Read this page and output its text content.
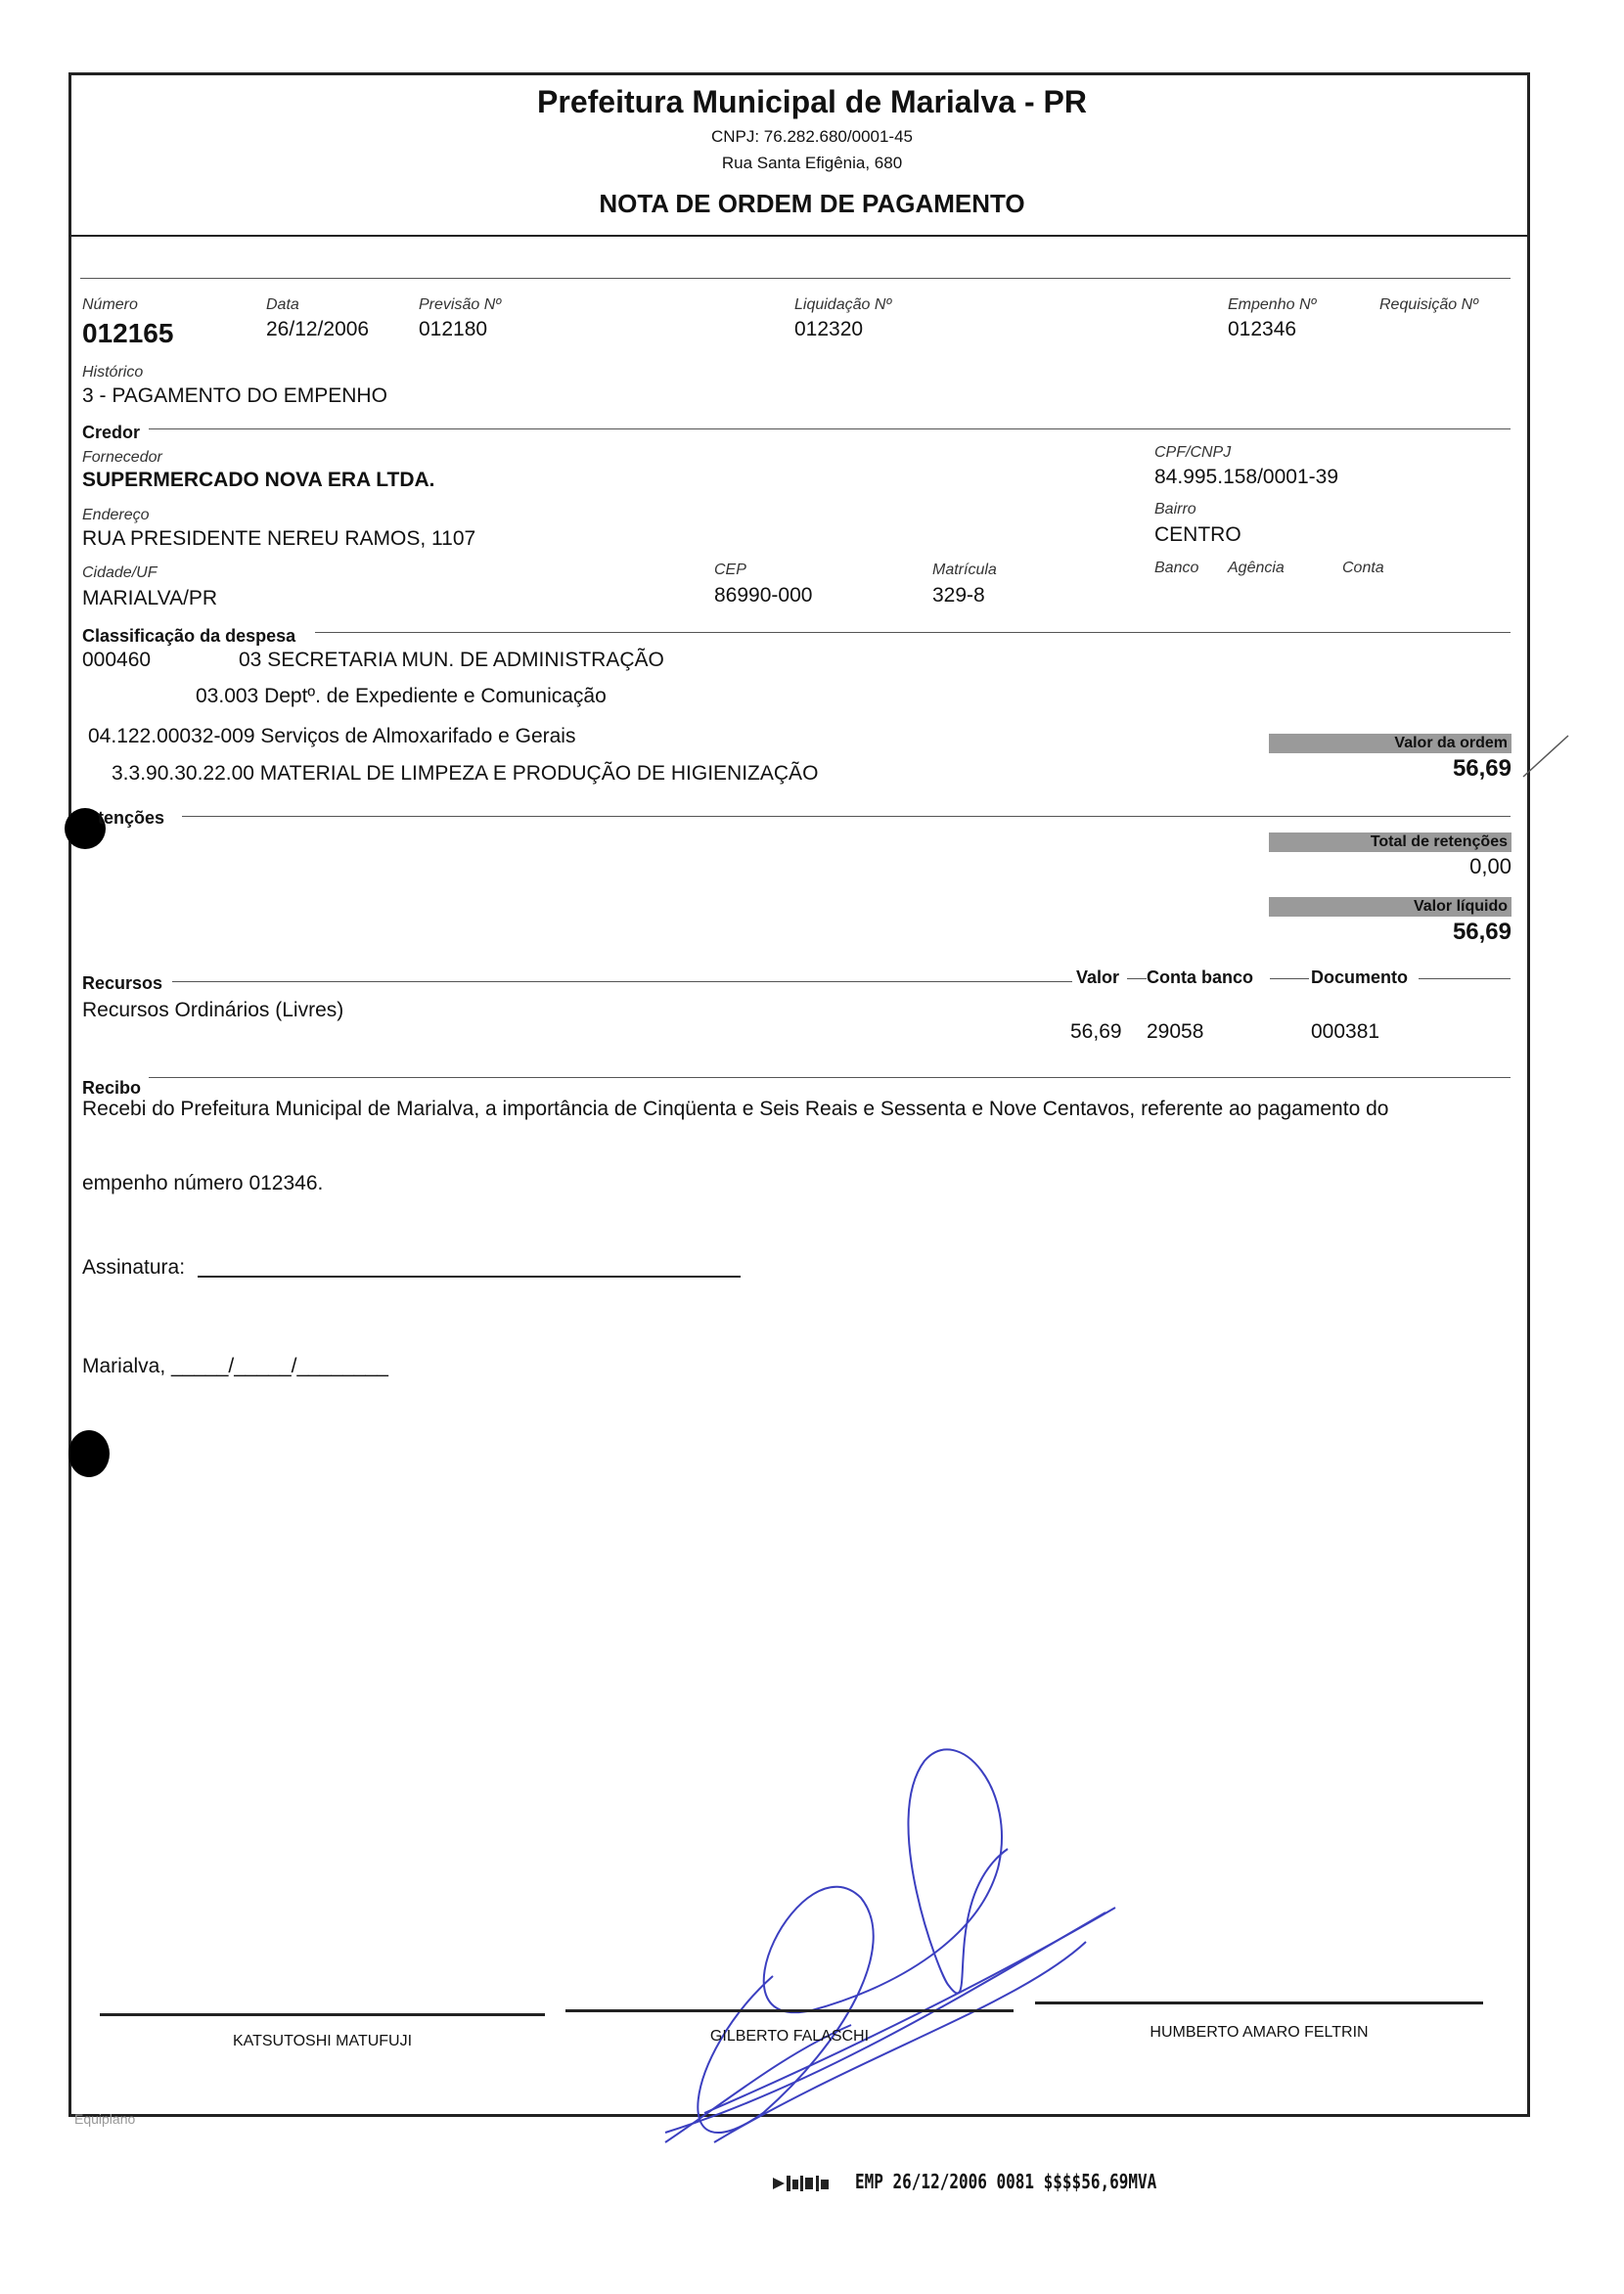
Prefeitura Municipal de Marialva - PR
CNPJ: 76.282.680/0001-45
Rua Santa Efigênia, 680
NOTA DE ORDEM DE PAGAMENTO
Número
012165
Data
26/12/2006
Previsão Nº
012180
Liquidação Nº
012320
Empenho Nº
012346
Requisição Nº
Histórico
3 - PAGAMENTO DO EMPENHO
Credor
Fornecedor
SUPERMERCADO NOVA ERA LTDA.
CPF/CNPJ
84.995.158/0001-39
Endereço
RUA PRESIDENTE NEREU RAMOS, 1107
Bairro
CENTRO
Cidade/UF
MARIALVA/PR
CEP
86990-000
Matrícula
329-8
Banco Agência	Conta
Classificação da despesa
000460	03 SECRETARIA MUN. DE ADMINISTRAÇÃO
03.003 Deptº. de Expediente e Comunicação
04.122.00032-009 Serviços de Almoxarifado e Gerais
3.3.90.30.22.00 MATERIAL DE LIMPEZA E PRODUÇÃO DE HIGIENIZAÇÃO
Valor da ordem
56,69
tenções
Total de retenções
0,00
Valor líquido
56,69
Recursos	Valor Conta banco	Documento
Recursos Ordinários (Livres)
56,69 29058	000381
Recibo
Recebi do Prefeitura Municipal de Marialva, a importância de Cinqüenta e Seis Reais e Sessenta e Nove Centavos, referente ao pagamento do
empenho número 012346.
Assinatura:
Marialva, _____/_____/________
KATSUTOSHI MATUFUJI	GILBERTO FALASCHI	HUMBERTO AMARO FELTRIN
Equiplano
EMP 26/12/2006 0081 $$$$56,69MVA
